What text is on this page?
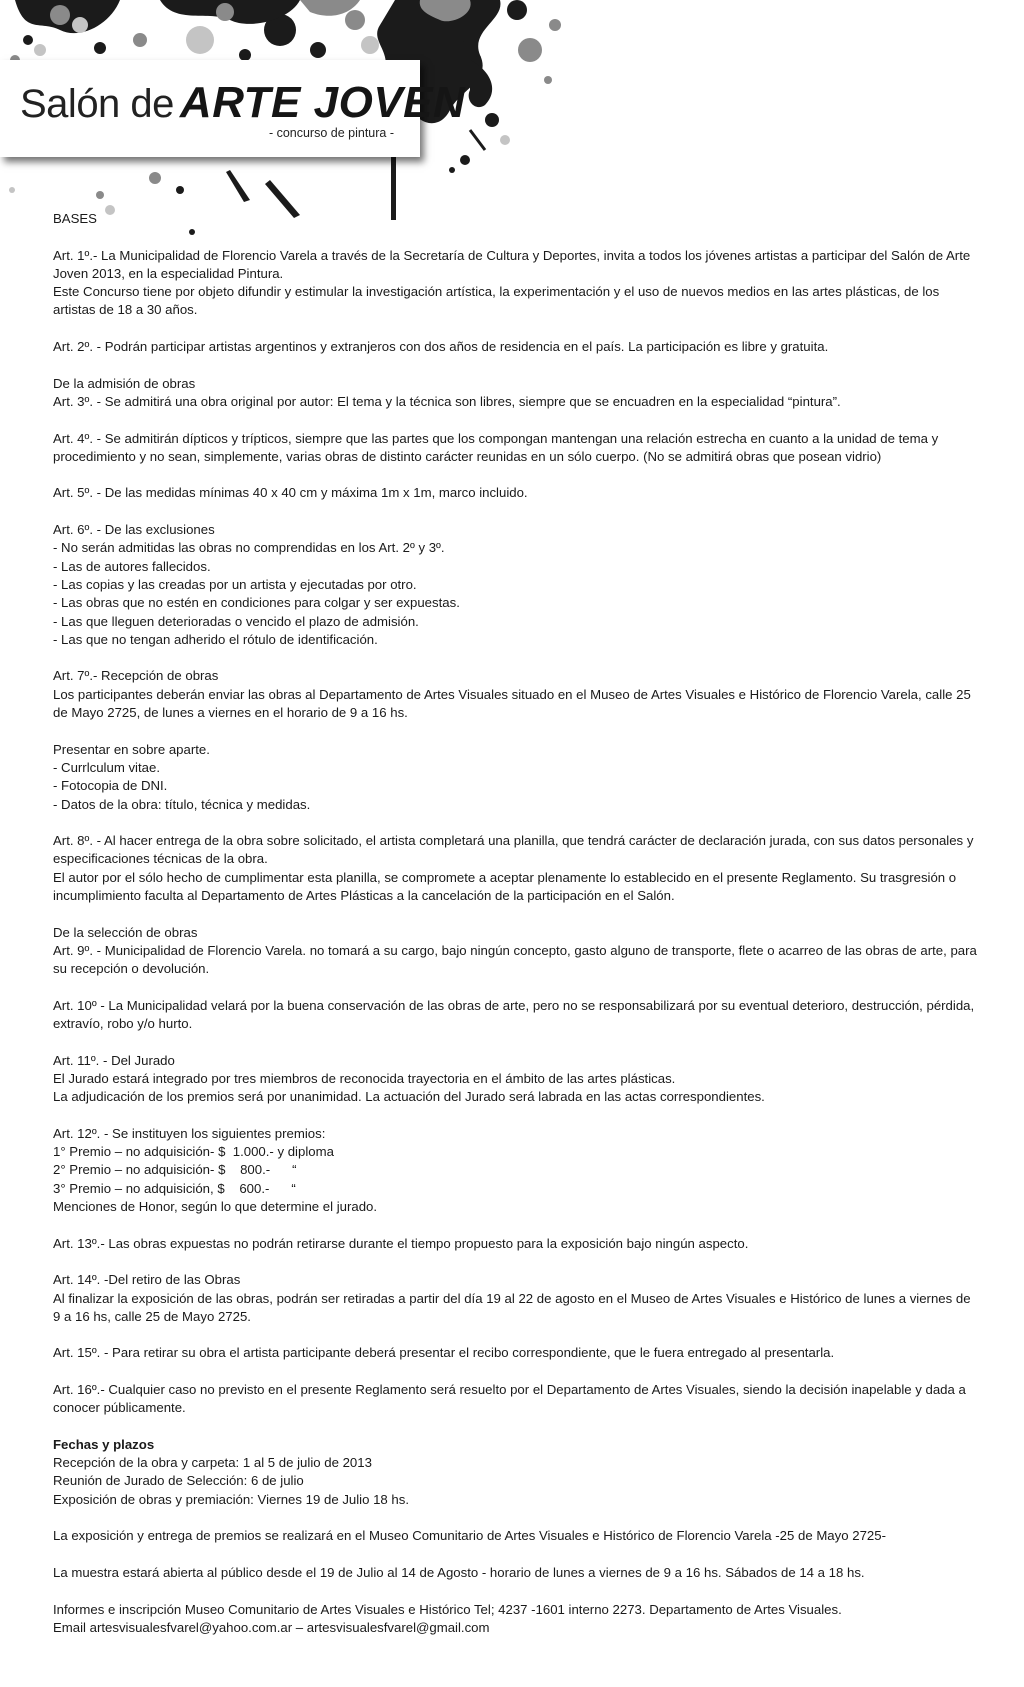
Salón de ARTE JOVEN
- concurso de pintura -

BASES

Art. 1º.- La Municipalidad de Florencio Varela a través de la Secretaría de Cultura y Deportes, invita a todos los jóvenes artistas a participar del Salón de Arte Joven 2013, en la especialidad Pintura.
Este Concurso tiene por objeto difundir y estimular la investigación artística, la experimentación y el uso de nuevos medios en las artes plásticas, de los artistas de 18 a 30 años.

Art. 2º. - Podrán participar artistas argentinos y extranjeros con dos años de residencia en el país. La participación es libre y gratuita.

De la admisión de obras
Art. 3º. - Se admitirá una obra original por autor: El tema y la técnica son libres, siempre que se encuadren en la especialidad “pintura”.

Art. 4º. - Se admitirán dípticos y trípticos, siempre que las partes que los compongan mantengan una relación estrecha en cuanto a la unidad de tema y procedimiento y no sean, simplemente, varias obras de distinto carácter reunidas en un sólo cuerpo. (No se admitirá obras que posean vidrio)

Art. 5º. - De las medidas mínimas 40 x 40 cm y máxima 1m x 1m, marco incluido.

Art. 6º. - De las exclusiones
- No serán admitidas las obras no comprendidas en los Art. 2º y 3º.
- Las de autores fallecidos.
- Las copias y las creadas por un artista y ejecutadas por otro.
- Las obras que no estén en condiciones para colgar y ser expuestas.
- Las que lleguen deterioradas o vencido el plazo de admisión.
- Las que no tengan adherido el rótulo de identificación.

Art. 7º.- Recepción de obras
Los participantes deberán enviar las obras al Departamento de Artes Visuales situado en el Museo de Artes Visuales e Histórico de Florencio Varela, calle 25 de Mayo 2725, de lunes a viernes en el horario de 9 a 16 hs.

Presentar en sobre aparte.
- Currlculum vitae.
- Fotocopia de DNI.
- Datos de la obra: título, técnica y medidas.

Art. 8º. - Al hacer entrega de la obra sobre solicitado, el artista completará una planilla, que tendrá carácter de declaración jurada, con sus datos personales y especificaciones técnicas de la obra.
El autor por el sólo hecho de cumplimentar esta planilla, se compromete a aceptar plenamente lo establecido en el presente Reglamento. Su trasgresión o incumplimiento faculta al Departamento de Artes Plásticas a la cancelación de la participación en el Salón.

De la selección de obras
Art. 9º. - Municipalidad de Florencio Varela. no tomará a su cargo, bajo ningún concepto, gasto alguno de transporte, flete o acarreo de las obras de arte, para su recepción o devolución.

Art. 10º - La Municipalidad velará por la buena conservación de las obras de arte, pero no se responsabilizará por su eventual deterioro, destrucción, pérdida, extravío, robo y/o hurto.

Art. 11º. - Del Jurado
El Jurado estará integrado por tres miembros de reconocida trayectoria en el ámbito de las artes plásticas.
La adjudicación de los premios será por unanimidad. La actuación del Jurado será labrada en las actas correspondientes.

Art. 12º. - Se instituyen los siguientes premios:
1° Premio – no adquisición- $  1.000.- y diploma
2° Premio – no adquisición- $    800.-      “
3° Premio – no adquisición, $    600.-      “
Menciones de Honor, según lo que determine el jurado.

Art. 13º.- Las obras expuestas no podrán retirarse durante el tiempo propuesto para la exposición bajo ningún aspecto.

Art. 14º. -Del retiro de las Obras
Al finalizar la exposición de las obras, podrán ser retiradas a partir del día 19 al 22 de agosto en el Museo de Artes Visuales e Histórico de lunes a viernes de 9 a 16 hs, calle 25 de Mayo 2725.

Art. 15º. - Para retirar su obra el artista participante deberá presentar el recibo correspondiente, que le fuera entregado al presentarla.

Art. 16º.- Cualquier caso no previsto en el presente Reglamento será resuelto por el Departamento de Artes Visuales, siendo la decisión inapelable y dada a conocer públicamente.

Fechas y plazos
Recepción de la obra y carpeta: 1 al 5 de julio de 2013
Reunión de Jurado de Selección: 6 de julio
Exposición de obras y premiación: Viernes 19 de Julio 18 hs.

La exposición y entrega de premios se realizará en el Museo Comunitario de Artes Visuales e Histórico de Florencio Varela -25 de Mayo 2725-

La muestra estará abierta al público desde el 19 de Julio al 14 de Agosto - horario de lunes a viernes de 9 a 16 hs. Sábados de 14 a 18 hs.

Informes e inscripción Museo Comunitario de Artes Visuales e Histórico Tel; 4237 -1601 interno 2273. Departamento de Artes Visuales.
Email artesvisualesfvarel@yahoo.com.ar – artesvisualesfvarel@gmail.com
